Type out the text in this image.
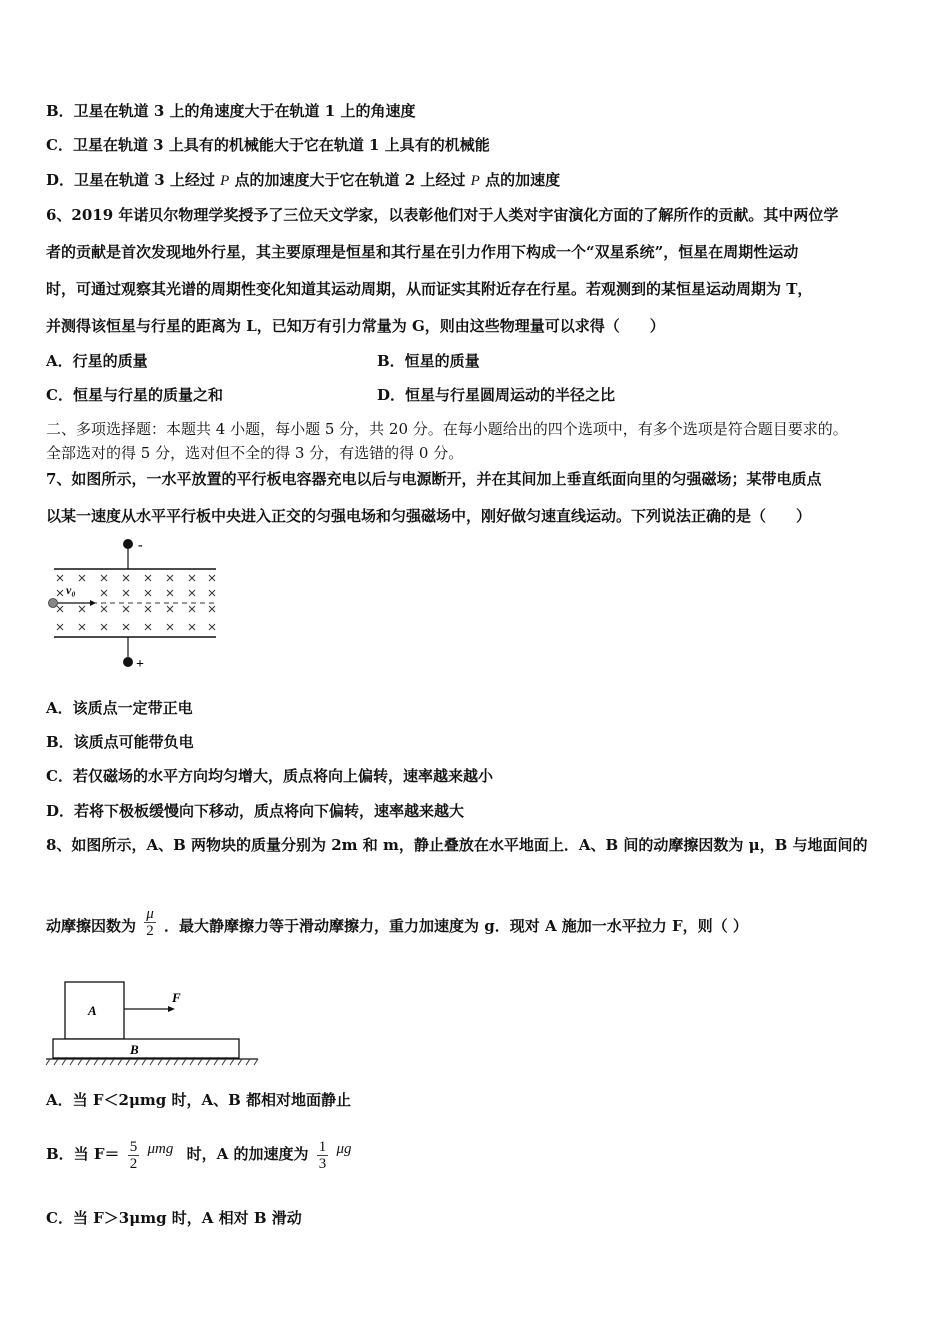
B．卫星在轨道 3 上的角速度大于在轨道 1 上的角速度
C．卫星在轨道 3 上具有的机械能大于它在轨道 1 上具有的机械能
D．卫星在轨道 3 上经过 P 点的加速度大于它在轨道 2 上经过 P 点的加速度
6、2019 年诺贝尔物理学奖授予了三位天文学家，以表彰他们对于人类对宇宙演化方面的了解所作的贡献。其中两位学
者的贡献是首次发现地外行星，其主要原理是恒星和其行星在引力作用下构成一个“双星系统”，恒星在周期性运动
时，可通过观察其光谱的周期性变化知道其运动周期，从而证实其附近存在行星。若观测到的某恒星运动周期为 T，
并测得该恒星与行星的距离为 L，已知万有引力常量为 G，则由这些物理量可以求得（　　）
A．行星的质量	B．恒星的质量
C．恒星与行星的质量之和	D．恒星与行星圆周运动的半径之比
二、多项选择题：本题共 4 小题，每小题 5 分，共 20 分。在每小题给出的四个选项中，有多个选项是符合题目要求的。
全部选对的得 5 分，选对但不全的得 3 分，有选错的得 0 分。
7、如图所示，一水平放置的平行板电容器充电以后与电源断开，并在其间加上垂直纸面向里的匀强磁场；某带电质点
以某一速度从水平平行板中央进入正交的匀强电场和匀强磁场中，刚好做匀速直线运动。下列说法正确的是（　　）
-
+
v₀
A．该质点一定带正电
B．该质点可能带负电
C．若仅磁场的水平方向均匀增大，质点将向上偏转，速率越来越小
D．若将下极板缓慢向下移动，质点将向下偏转，速率越来越大
8、如图所示，A、B 两物块的质量分别为 2m 和 m，静止叠放在水平地面上．A、B 间的动摩擦因数为 μ，B 与地面间的
动摩擦因数为 $\frac{\mu}{2}$ ．最大静摩擦力等于滑动摩擦力，重力加速度为 g．现对 A 施加一水平拉力 F，则（ ）
A
F
B
A．当 F＜2μmg 时，A、B 都相对地面静止
B．当 $F= \frac{5}{2}$ μmg 时，A 的加速度为 $\frac{1}{3}$ μg
C．当 F＞3μmg 时，A 相对 B 滑动
